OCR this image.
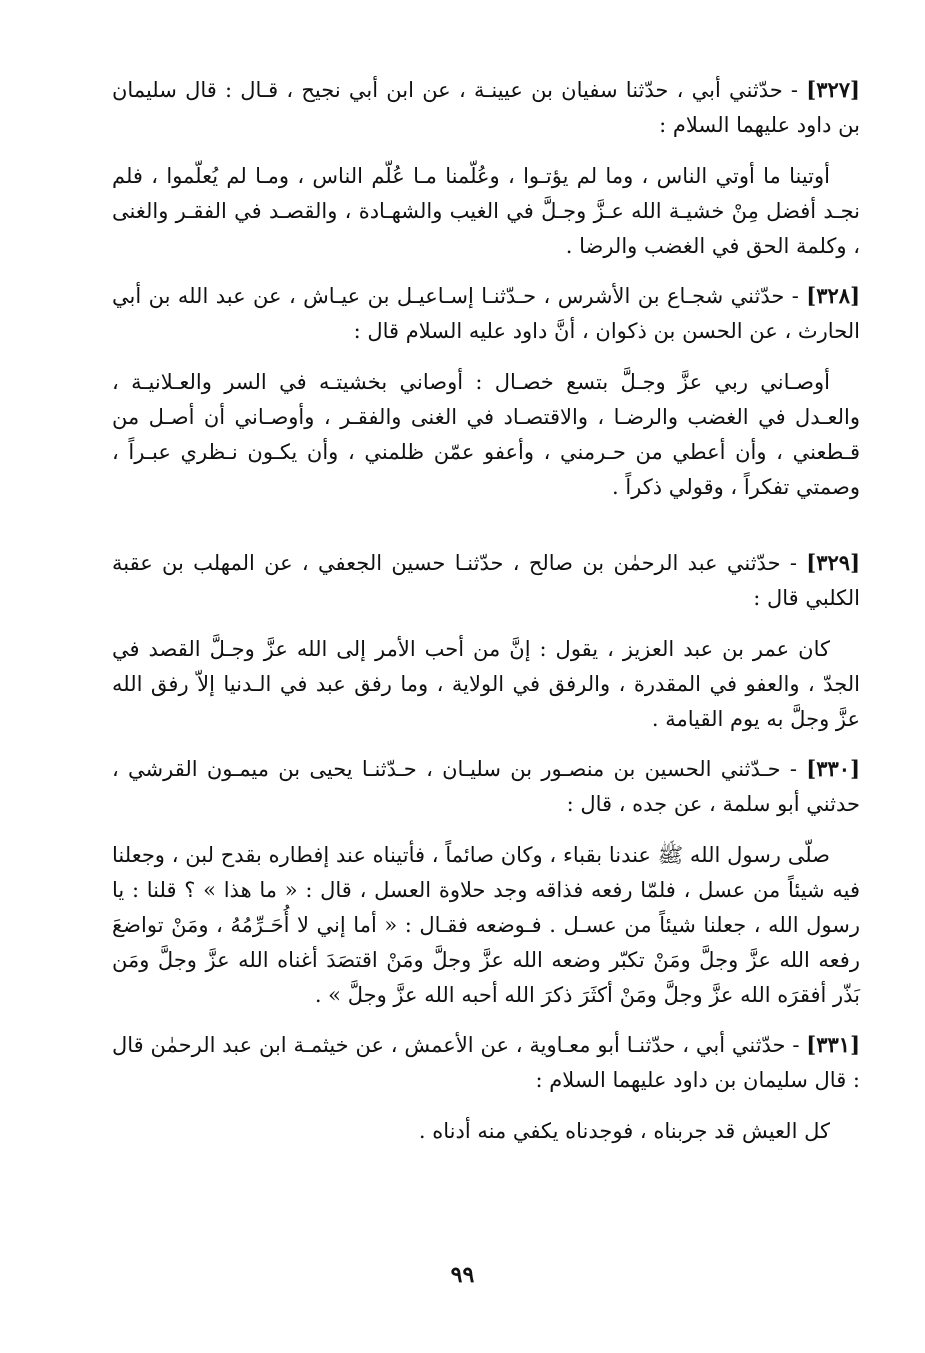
[٣٢٧] - حدّثني أبي ، حدّثنا سفيان بن عيينـة ، عن ابن أبي نجيح ، قـال : قال سليمان بن داود عليهما السلام :

أوتينا ما أوتي الناس ، وما لم يؤتـوا ، وعُلّمنا مـا عُلّم الناس ، ومـا لم يُعلّموا ، فلم نجـد أفضل مِنْ خشيـة الله عـزَّ وجـلَّ في الغيب والشهـادة ، والقصـد في الفقـر والغنى ، وكلمة الحق في الغضب والرضا .

[٣٢٨] - حدّثني شجـاع بن الأشرس ، حـدّثنـا إسـاعيـل بن عيـاش ، عن عبد الله بن أبي الحارث ، عن الحسن بن ذكوان ، أنَّ داود عليه السلام قال :

أوصـاني ربي عزَّ وجـلَّ بتسع خصـال : أوصاني بخشيتـه في السر والعـلانيـة ، والعـدل في الغضب والرضـا ، والاقتصـاد في الغنى والفقـر ، وأوصـاني أن أصـل من قـطعني ، وأن أعطي من حـرمني ، وأعفو عمّن ظلمني ، وأن يكـون نـظري عبـراً ، وصمتي تفكراً ، وقولي ذكراً .

[٣٢٩] - حدّثني عبد الرحمٰن بن صالح ، حدّثنـا حسين الجعفي ، عن المهلب بن عقبة الكلبي قال :

كان عمر بن عبد العزيز ، يقول : إنَّ من أحب الأمر إلى الله عزَّ وجـلَّ القصد في الجدّ ، والعفو في المقدرة ، والرفق في الولاية ، وما رفق عبد في الـدنيا إلاّ رفق الله عزَّ وجلَّ به يوم القيامة .

[٣٣٠] - حـدّثني الحسين بن منصـور بن سليـان ، حـدّثنـا يحيى بن ميمـون القرشي ، حدثني أبو سلمة ، عن جده ، قال :

صلّى رسول الله ﷺ عندنا بقباء ، وكان صائماً ، فأتيناه عند إفطاره بقدح لبن ، وجعلنا فيه شيئاً من عسل ، فلمّا رفعه فذاقه وجد حلاوة العسل ، قال : « ما هذا » ؟ قلنا : يا رسول الله ، جعلنا شيئاً من عسـل . فـوضعه فقـال : « أما إني لا أُحَـرِّمُهُ ، ومَنْ تواضعَ رفعه الله عزَّ وجلَّ ومَنْ تكبّر وضعه الله عزَّ وجلَّ ومَنْ اقتصَدَ أغناه الله عزَّ وجلَّ ومَن بَذّر أفقرَه الله عزَّ وجلَّ ومَنْ أكثَرَ ذكرَ الله أحبه الله عزَّ وجلَّ » .

[٣٣١] - حدّثني أبي ، حدّثنـا أبو معـاوية ، عن الأعمش ، عن خيثمـة ابن عبد الرحمٰن قال : قال سليمان بن داود عليهما السلام :

كل العيش قد جربناه ، فوجدناه يكفي منه أدناه .

٩٩
